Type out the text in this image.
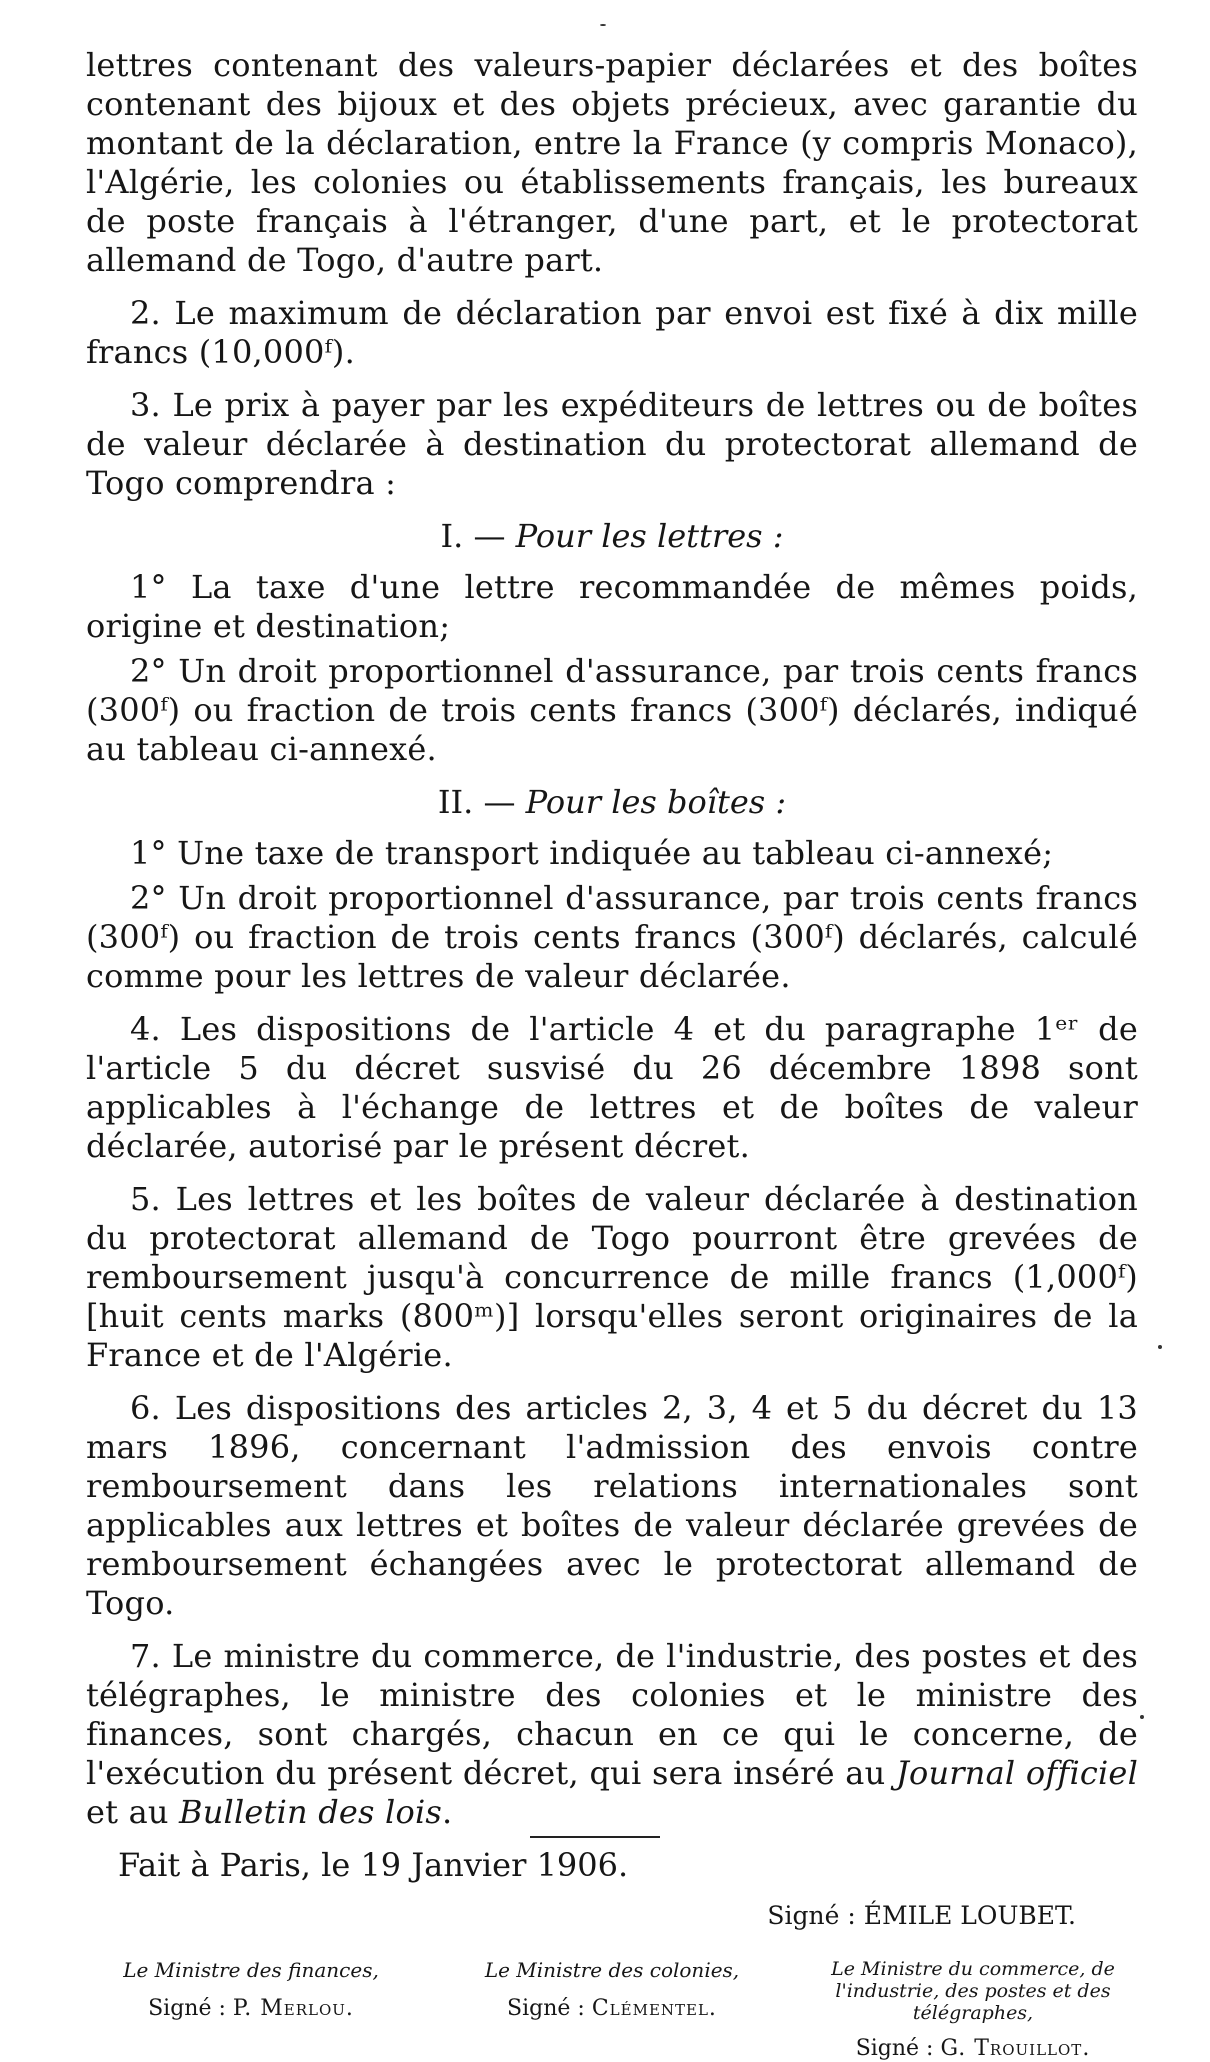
lettres contenant des valeurs-papier déclarées et des boîtes contenant des bijoux et des objets précieux, avec garantie du montant de la déclaration, entre la France (y compris Monaco), l'Algérie, les colonies ou établissements français, les bureaux de poste français à l'étranger, d'une part, et le protectorat allemand de Togo, d'autre part.

2. Le maximum de déclaration par envoi est fixé à dix mille francs (10,000ᶠ).

3. Le prix à payer par les expéditeurs de lettres ou de boîtes de valeur déclarée à destination du protectorat allemand de Togo comprendra :

I. — Pour les lettres :

1° La taxe d'une lettre recommandée de mêmes poids, origine et destination;

2° Un droit proportionnel d'assurance, par trois cents francs (300ᶠ) ou fraction de trois cents francs (300ᶠ) déclarés, indiqué au tableau ci-annexé.

II. — Pour les boîtes :

1° Une taxe de transport indiquée au tableau ci-annexé;

2° Un droit proportionnel d'assurance, par trois cents francs (300ᶠ) ou fraction de trois cents francs (300ᶠ) déclarés, calculé comme pour les lettres de valeur déclarée.

4. Les dispositions de l'article 4 et du paragraphe 1ᵉʳ de l'article 5 du décret susvisé du 26 décembre 1898 sont applicables à l'échange de lettres et de boîtes de valeur déclarée, autorisé par le présent décret.

5. Les lettres et les boîtes de valeur déclarée à destination du protectorat allemand de Togo pourront être grevées de remboursement jusqu'à concurrence de mille francs (1,000ᶠ) [huit cents marks (800ᵐ)] lorsqu'elles seront originaires de la France et de l'Algérie.

6. Les dispositions des articles 2, 3, 4 et 5 du décret du 13 mars 1896, concernant l'admission des envois contre remboursement dans les relations internationales sont applicables aux lettres et boîtes de valeur déclarée grevées de remboursement échangées avec le protectorat allemand de Togo.

7. Le ministre du commerce, de l'industrie, des postes et des télégraphes, le ministre des colonies et le ministre des finances, sont chargés, chacun en ce qui le concerne, de l'exécution du présent décret, qui sera inséré au Journal officiel et au Bulletin des lois.

Fait à Paris, le 19 Janvier 1906.

Signé : ÉMILE LOUBET.
Le Ministre des finances,
Signé : P. Merlou.
Le Ministre des colonies,
Signé : Clémentel.
Le Ministre du commerce, de l'industrie, des postes et des télégraphes,
Signé : G. Trouillot.
